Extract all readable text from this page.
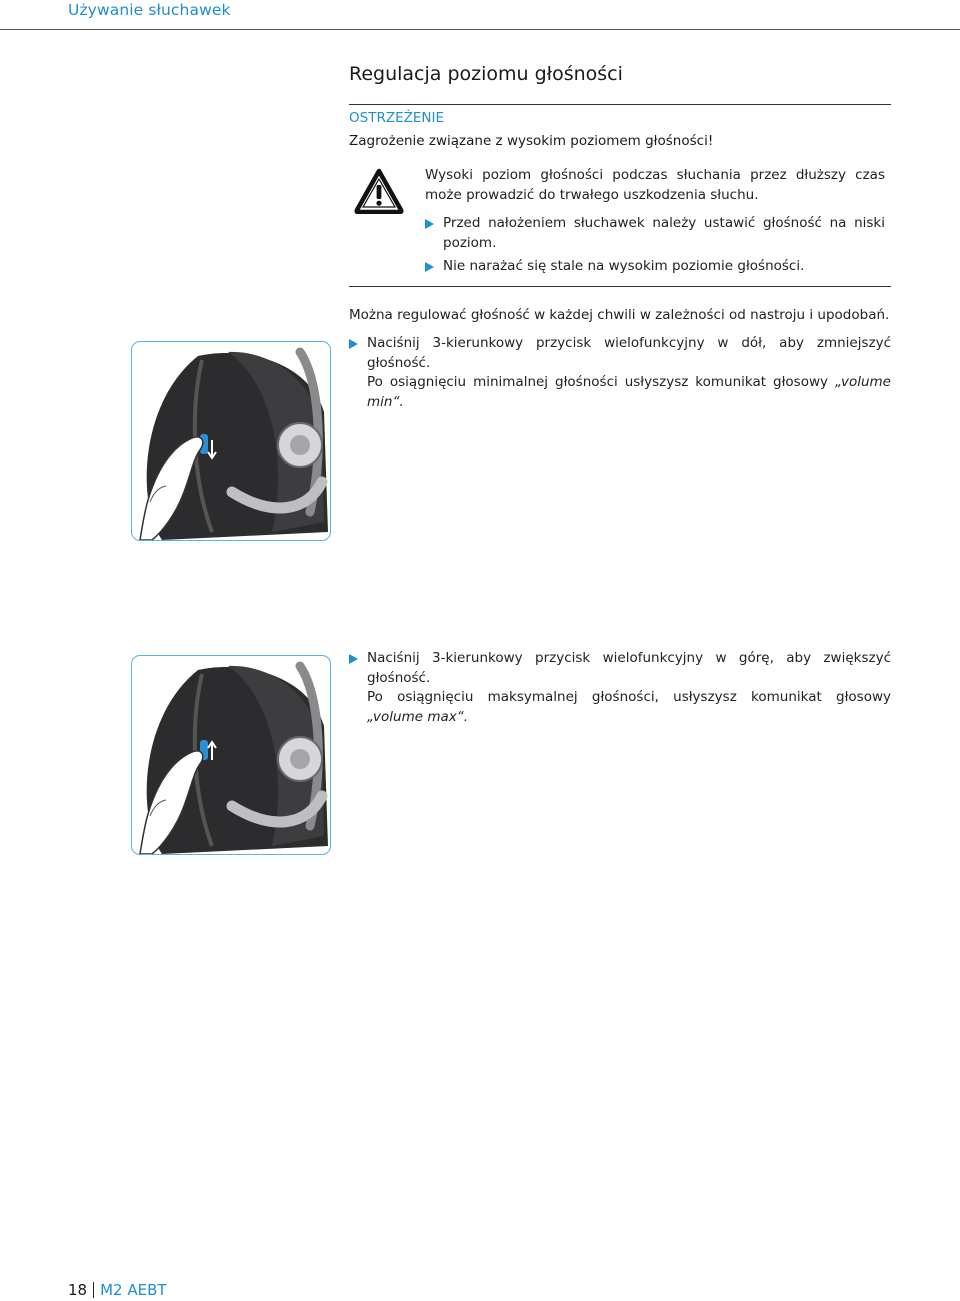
Używanie słuchawek
Regulacja poziomu głośności
OSTRZEŻENIE
Zagrożenie związane z wysokim poziomem głośności!
Wysoki poziom głośności podczas słuchania przez dłuższy czas może prowadzić do trwałego uszkodzenia słuchu.
Przed nałożeniem słuchawek należy ustawić głośność na niski poziom.
Nie narażać się stale na wysokim poziomie głośności.
Można regulować głośność w każdej chwili w zależności od nastroju i upodobań.
Naciśnij 3-kierunkowy przycisk wielofunkcyjny w dół, aby zmniejszyć głośność.
Po osiągnięciu minimalnej głośności usłyszysz komunikat głosowy „volume min“.
Naciśnij 3-kierunkowy przycisk wielofunkcyjny w górę, aby zwiększyć głośność.
Po osiągnięciu maksymalnej głośności, usłyszysz komunikat głosowy „volume max“.
18 M2 AEBT
